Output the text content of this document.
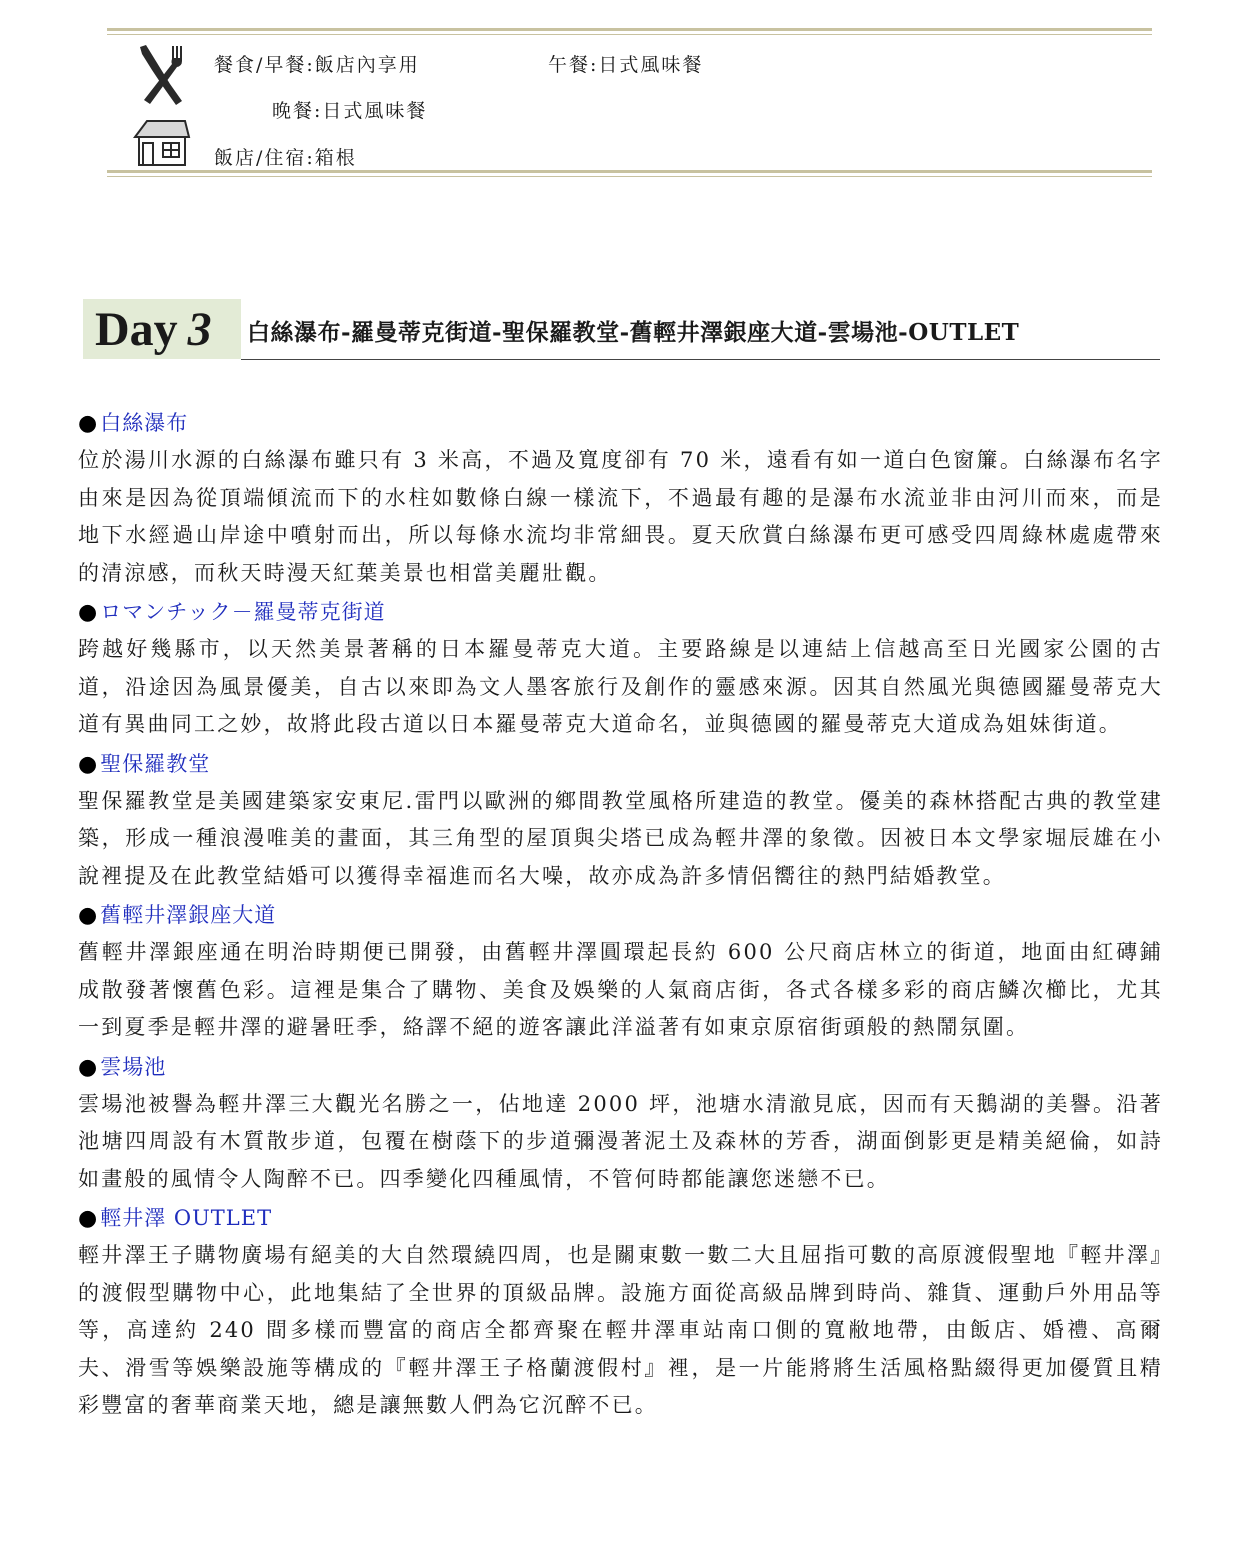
餐食/早餐:飯店內享用	午餐:日式風味餐
晚餐:日式風味餐
飯店/住宿:箱根
Day 3	白絲瀑布-羅曼蒂克街道-聖保羅教堂-舊輕井澤銀座大道-雲場池-OUTLET
●白絲瀑布
位於湯川水源的白絲瀑布雖只有 3 米高，不過及寬度卻有 70 米，遠看有如一道白色窗簾。白絲瀑布名字由來是因為從頂端傾流而下的水柱如數條白線一樣流下，不過最有趣的是瀑布水流並非由河川而來，而是地下水經過山岸途中噴射而出，所以每條水流均非常細畏。夏天欣賞白絲瀑布更可感受四周綠林處處帶來的清涼感，而秋天時漫天紅葉美景也相當美麗壯觀。
●ロマンチック－羅曼蒂克街道
跨越好幾縣市，以天然美景著稱的日本羅曼蒂克大道。主要路線是以連結上信越高至日光國家公園的古道，沿途因為風景優美，自古以來即為文人墨客旅行及創作的靈感來源。因其自然風光與德國羅曼蒂克大道有異曲同工之妙，故將此段古道以日本羅曼蒂克大道命名，並與德國的羅曼蒂克大道成為姐妹街道。
●聖保羅教堂
聖保羅教堂是美國建築家安東尼.雷門以歐洲的鄉間教堂風格所建造的教堂。優美的森林搭配古典的教堂建築，形成一種浪漫唯美的畫面，其三角型的屋頂與尖塔已成為輕井澤的象徵。因被日本文學家堀辰雄在小說裡提及在此教堂結婚可以獲得幸福進而名大噪，故亦成為許多情侶嚮往的熱門結婚教堂。
●舊輕井澤銀座大道
舊輕井澤銀座通在明治時期便已開發，由舊輕井澤圓環起長約 600 公尺商店林立的街道，地面由紅磚鋪成散發著懷舊色彩。這裡是集合了購物、美食及娛樂的人氣商店街，各式各樣多彩的商店鱗次櫛比，尤其一到夏季是輕井澤的避暑旺季，絡譯不絕的遊客讓此洋溢著有如東京原宿街頭般的熱鬧氛圍。
●雲場池
雲場池被譽為輕井澤三大觀光名勝之一，佔地達 2000 坪，池塘水清澈見底，因而有天鵝湖的美譽。沿著池塘四周設有木質散步道，包覆在樹蔭下的步道彌漫著泥土及森林的芳香，湖面倒影更是精美絕倫，如詩如畫般的風情令人陶醉不已。四季變化四種風情，不管何時都能讓您迷戀不已。
●輕井澤 OUTLET
輕井澤王子購物廣場有絕美的大自然環繞四周，也是關東數一數二大且屈指可數的高原渡假聖地『輕井澤』的渡假型購物中心，此地集結了全世界的頂級品牌。設施方面從高級品牌到時尚、雜貨、運動戶外用品等等，高達約 240 間多樣而豐富的商店全都齊聚在輕井澤車站南口側的寬敝地帶，由飯店、婚禮、高爾夫、滑雪等娛樂設施等構成的『輕井澤王子格蘭渡假村』裡，是一片能將將生活風格點綴得更加優質且精彩豐富的奢華商業天地，總是讓無數人們為它沉醉不已。
